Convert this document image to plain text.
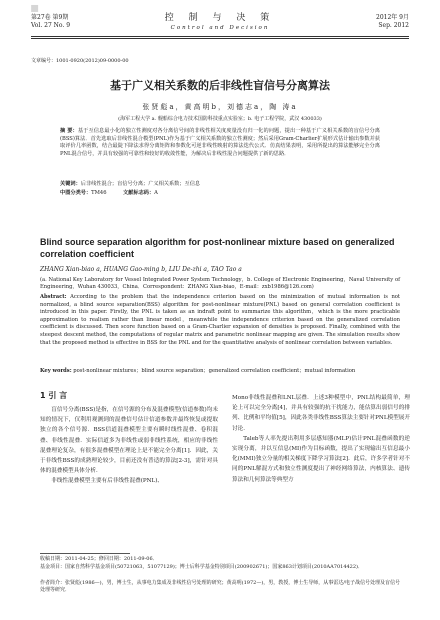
▪
第27卷 第9期
Vol. 27 No. 9
控 制 与 决 策
Control and Decision
2012年 9月
Sep. 2012
文章编号：1001-0920(2012)09-0000-00
基于广义相关系数的后非线性盲信号分离算法
张贤彪a，黄高明b，刘德志a，陶 涛a
(海军工程大学 a. 舰船综合电力技术国防科技重点实验室；b. 电子工程学院，武汉 430033)
摘 要：基于互信息最小化的独立性测度对各分离信号间的非线性相关度度量没有归一化的问题，提出一种基于广义相关系数的盲信号分离(BSS)算法．首先选取后非线性混合模型(PNL)作为基于广义相关系数的独立性测度；然后采用Gram-Charlier扩展形式估计输出参数并获取评价几率函数，结合最陡下降法求得分离矩阵和参数化可逆非线性映射的算法迭代公式．仿真结果表明，采用所提出的算法能够完全分离PNL混合信号，并具有较强的可靠性和较好的收敛性能，为解决后非线性混合问题提供了新的思路．
关键词：后非线性混合；盲信号分离；广义相关系数；互信息
中图分类号：TM46	文献标志码：A
Blind source separation algorithm for post-nonlinear mixture based on generalized correlation coefficient
ZHANG Xian-biao a, HUANG Gao-ming b, LIU De-zhi a, TAO Tao a
(a. National Key Laboratory for Vessel Integrated Power System Technology，b. College of Electronic Engineering，Naval University of Engineering，Wuhan 430033，China．Correspondent：ZHANG Xian-biao，E-mail：zxb1986@126.com)
Abstract: According to the problem that the independence criterion based on the minimization of mutual information is not normalized, a blind source separation(BSS) algorithm for post-nonlinear mixture(PNL) based on general correlation coefficient is introduced in this paper. Firstly, the PNL is taken as an indraft point to summarize this algorithm，which is the more practicable approximation to realism rather than linear model，meanwhile the independence criterion based on the generalized correlation coefficient is discussed. Then score function based on a Gram-Charlier expansion of densities is proposed. Finally, combined with the steepest descent method, the computations of regular matrix and parametric nonlinear mapping are given. The simulation results show that the proposed method is effective in BSS for the PNL and for the quantitative analysis of nonlinear correlation between variables.
Key words: post-nonlinear mixtures；blind source separation；generalized correlation coefficient；mutual information
1 引 言

盲信号分离(BSS)是指，在信号源的分布及混叠模型(信道参数)均未知的情况下，仅利用观测到的混叠信号估计信道参数并最终恢复或提取独立的各个信号源．BSS信道混叠模型主要有瞬时线性混叠、卷积混叠、非线性混叠．实际信道多为非线性或弱非线性系统，相应的非线性混叠理论复杂，有很多混叠模型在理论上是不能完全分离[1]．因此，关于非线性BSS的成熟理论较少，目前还没有普适的算法[2-3]，需针对具体的混叠模型具体分析．

非线性混叠模型主要有后非线性混叠(PNL)、

Mono非线性混叠和LNL层叠．上述3种模型中，PNL结构最简单，理论上可以完全分离[4]，并具有较强的抗干扰能力，能估算出弱信号的排列、比例和平均值[5]，因此各类非线性BSS算法主要针对PNL模型展开讨论．

Taleb等人率先提出利用多层感知器(MLP)估计PNL混叠函数的逆实现分离，并以互信息(MI)作为目标函数，提出了实现输出互信息最小化(MMI)独立分量的相关梯度下降学习算法[2]．此后，许多学者针对不同的PNL解混方式和独立性测度提出了神经网络算法，内核算法、遗传算法和几何算法等典型方

收稿日期：2011-04-25；修回日期：2011-09-06．
基金项目：国家自然科学基金项目(50721063，51077129)；博士后科学基金特别项目(200902671)；国家863计划项目(2010AA7014422)．
作者简介：张贤彪(1986—)，男，博士生，从事电力集成及非线性信号处理的研究；黄高明(1972—)，男，教授，博士生导师，从事雷达/电子战信号处理及盲信号处理等研究．
